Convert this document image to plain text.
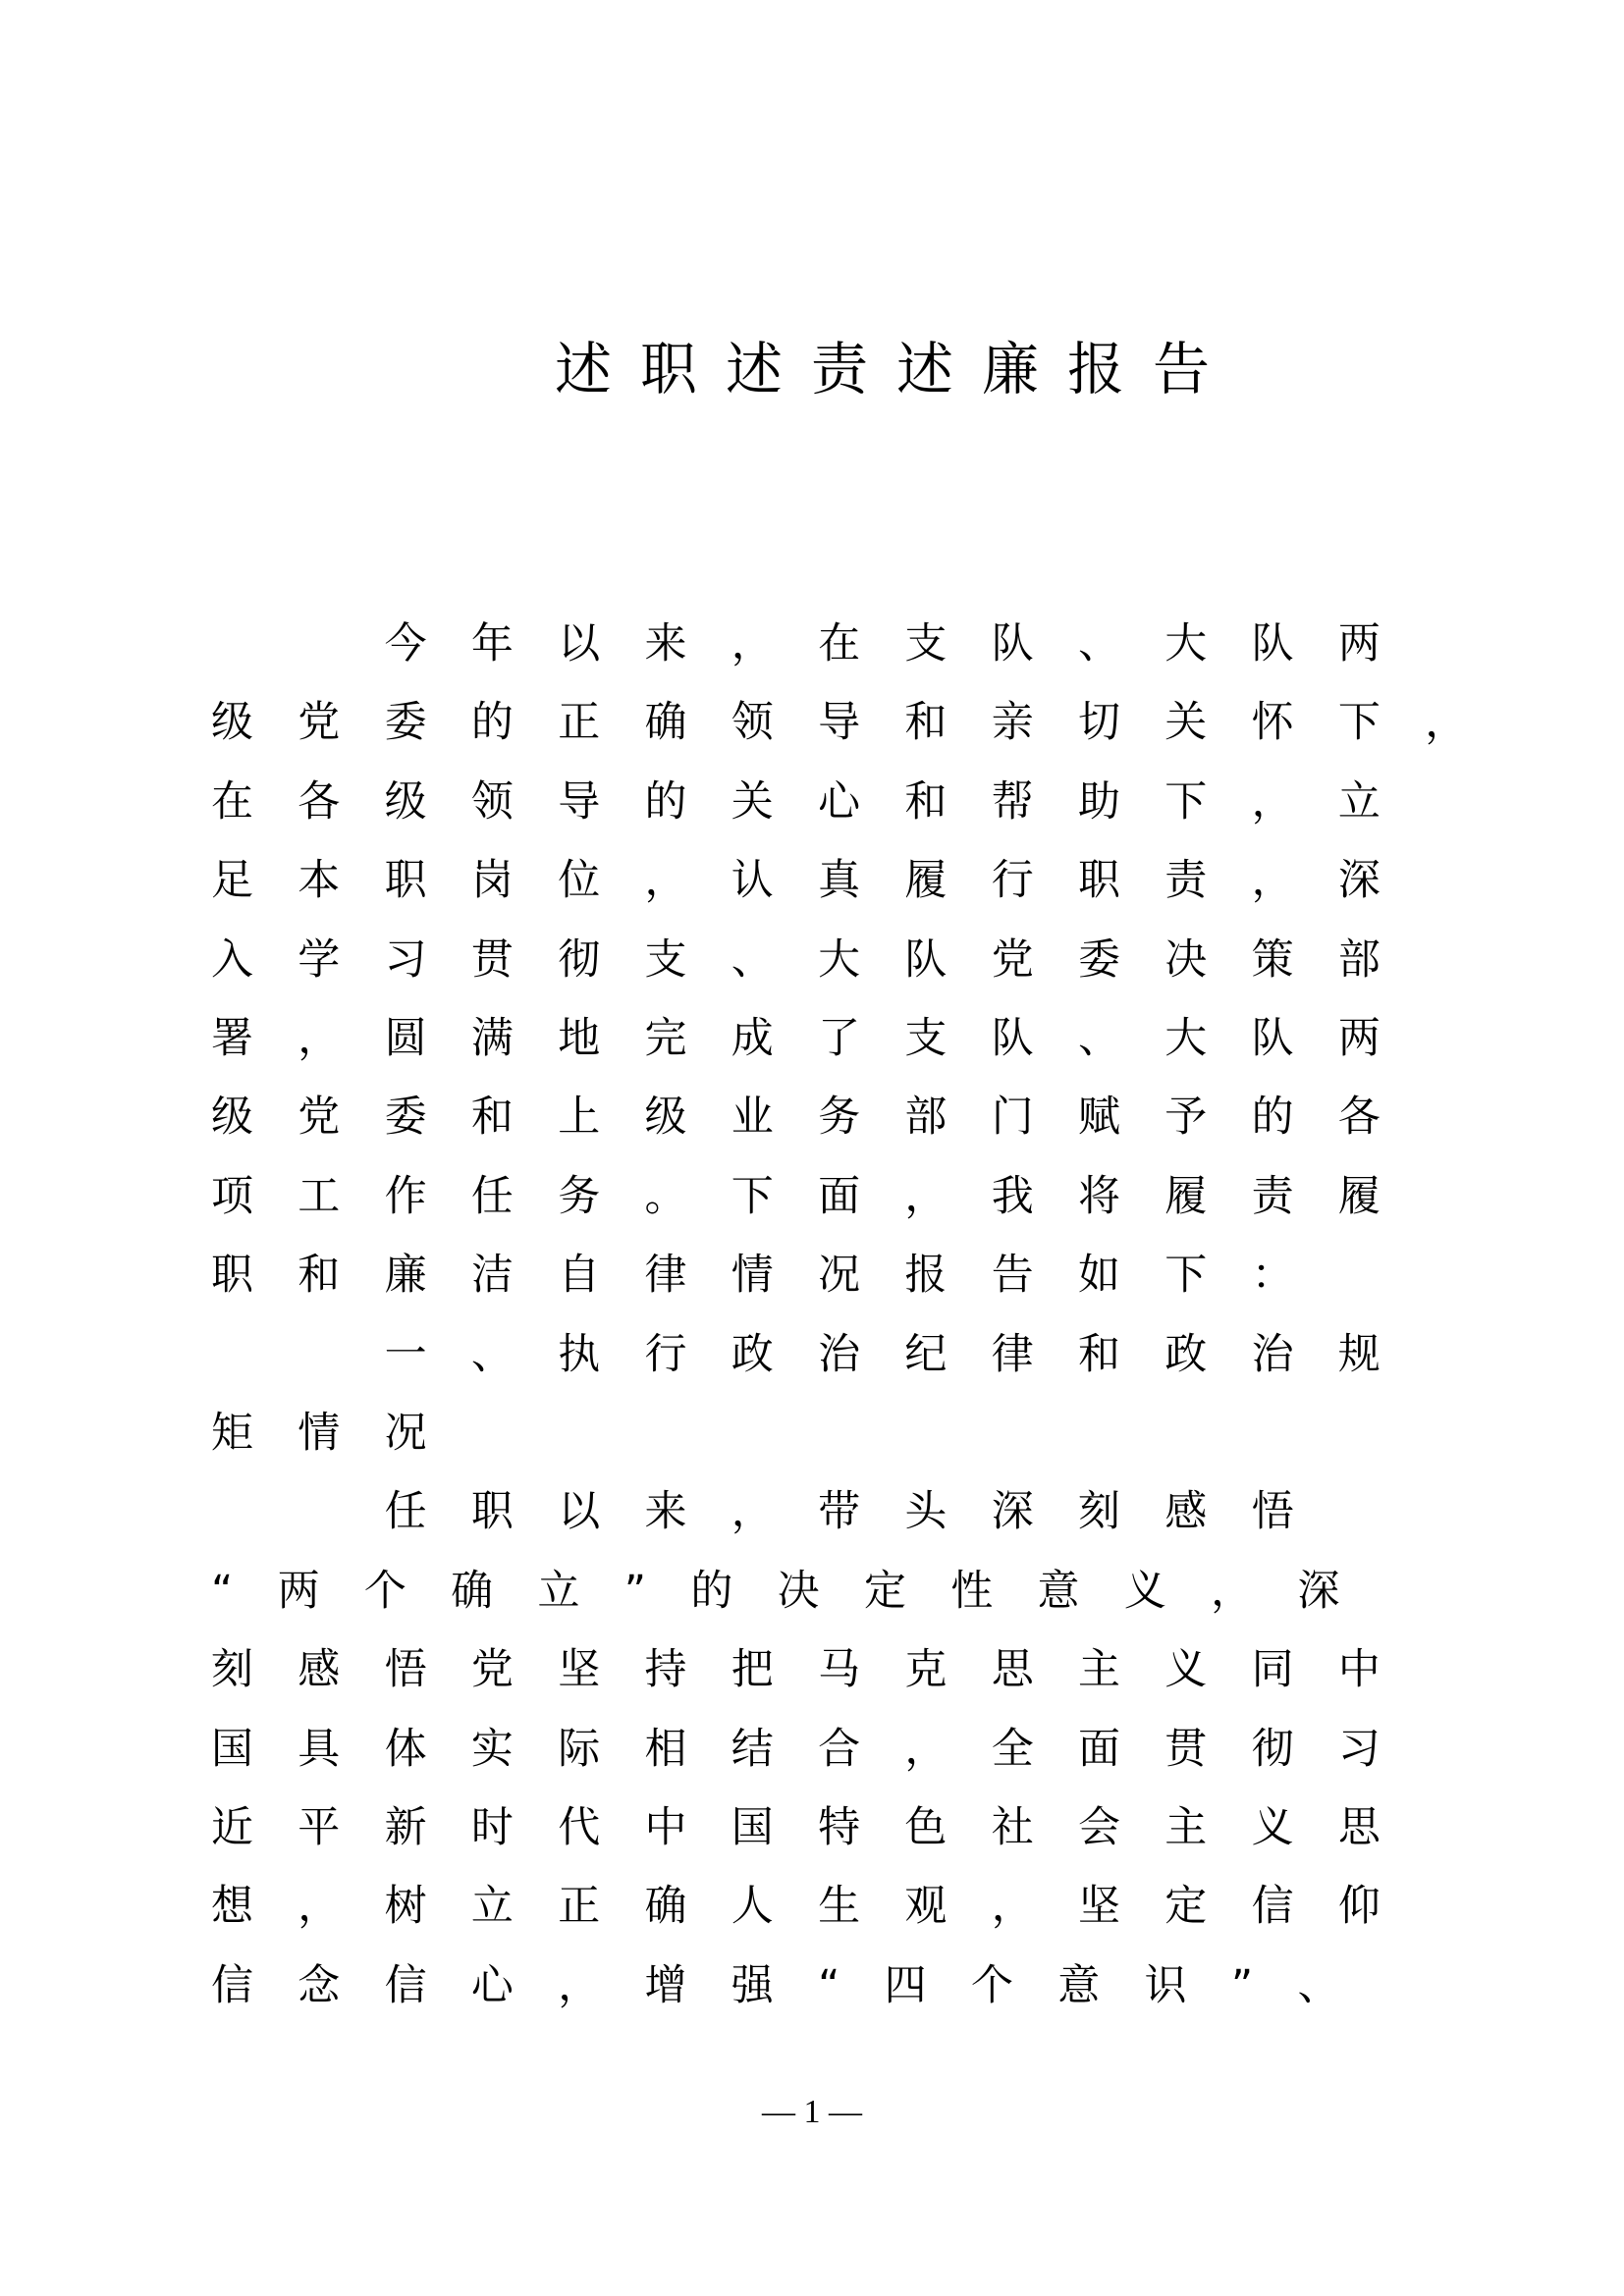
述职述责述廉报告
　　今年以来，在支队、大队两
级党委的正确领导和亲切关怀下，
在各级领导的关心和帮助下，立
足本职岗位，认真履行职责，深
入学习贯彻支、大队党委决策部
署，圆满地完成了支队、大队两
级党委和上级业务部门赋予的各
项工作任务。下面，我将履责履
职和廉洁自律情况报告如下：
　　一、执行政治纪律和政治规
矩情况
　　任职以来，带头深刻感悟
“两个确立”的决定性意义，深
刻感悟党坚持把马克思主义同中
国具体实际相结合，全面贯彻习
近平新时代中国特色社会主义思
想，树立正确人生观，坚定信仰
信念信心，增强“四个意识”、
— 1 —
